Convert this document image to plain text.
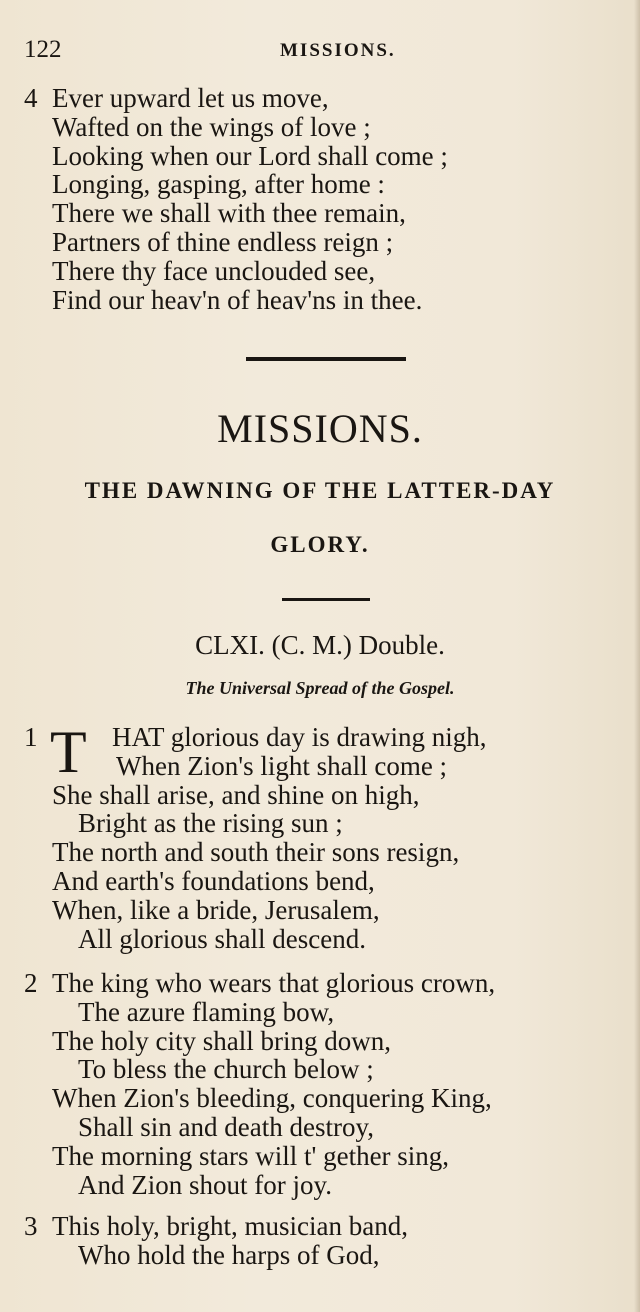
122	MISSIONS.
4 Ever upward let us move,
Wafted on the wings of love ;
Looking when our Lord shall come ;
Longing, gasping, after home :
There we shall with thee remain,
Partners of thine endless reign ;
There thy face unclouded see,
Find our heav'n of heav'ns in thee.
MISSIONS.
THE DAWNING OF THE LATTER-DAY
GLORY.
CLXI. (C. M.) Double.
The Universal Spread of the Gospel.
T
1	HAT glorious day is drawing nigh,
When Zion's light shall come ;
She shall arise, and shine on high,
Bright as the rising sun ;
The north and south their sons resign,
And earth's foundations bend,
When, like a bride, Jerusalem,
All glorious shall descend.
2 The king who wears that glorious crown,
The azure flaming bow,
The holy city shall bring down,
To bless the church below ;
When Zion's bleeding, conquering King,
Shall sin and death destroy,
The morning stars will t' gether sing,
And Zion shout for joy.
3 This holy, bright, musician band,
Who hold the harps of God,
